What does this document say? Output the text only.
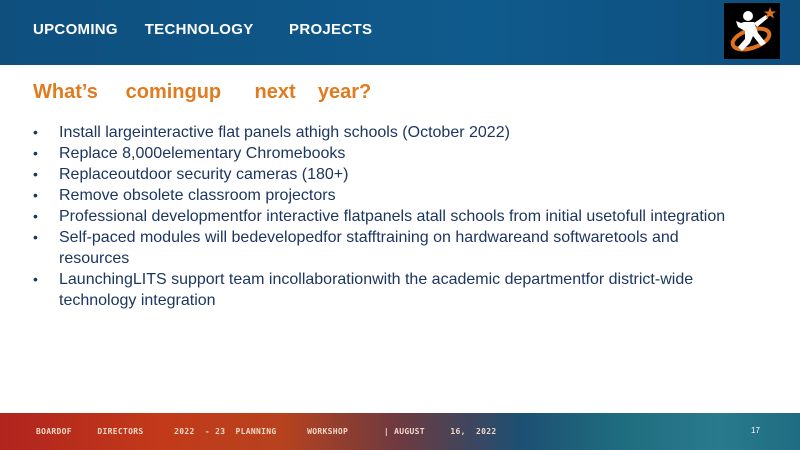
UPCOMING      TECHNOLOGY        PROJECTS
What’s     comingup      next    year?
• Install largeinteractive flat panels athigh schools (October 2022)
• Replace 8,000elementary Chromebooks
• Replaceoutdoor security cameras (180+)
• Remove obsolete classroom projectors
• Professional developmentfor interactive flatpanels atall schools from initial usetofull integration
• Self-paced modules will bedevelopedfor stafftraining on hardwareand softwaretools and resources
• LaunchingLITS support team incollaborationwith the academic departmentfor district-wide technology integration
BOARDOF     DIRECTORS      2022  - 23  PLANNING      WORKSHOP       | AUGUST     16,  2022	17
